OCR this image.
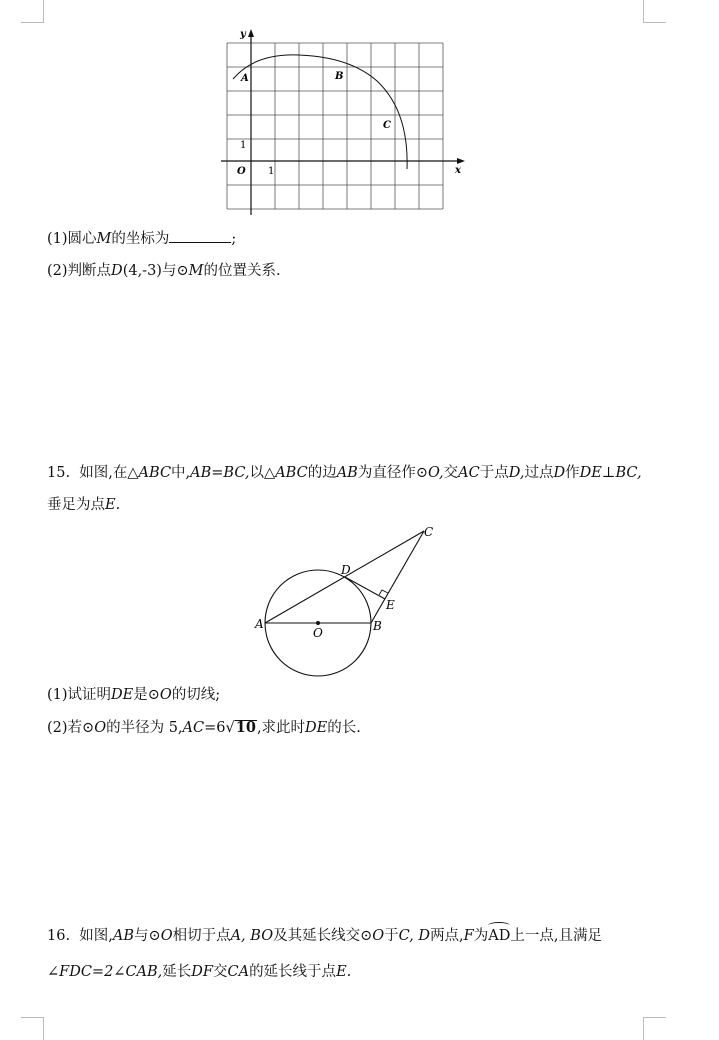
y
x
O 1
1
A	B
C
(1)圆心M的坐标为	;
(2)判断点D(4,-3)与⊙M的位置关系.
15. 如图,在△ABC中,AB=BC,以△ABC的边AB为直径作⊙O,交AC于点D,过点D作DE⊥BC,
垂足为点E.
A	B
C
D
E
O
(1)试证明DE是⊙O的切线;
(2)若⊙O的半径为 5,AC=6√10,求此时DE的长.
16. 如图,AB与⊙O相切于点A, BO及其延长线交⊙O于C, D两点,F为AD上一点,且满足
∠FDC=2∠CAB,延长DF交CA的延长线于点E.
